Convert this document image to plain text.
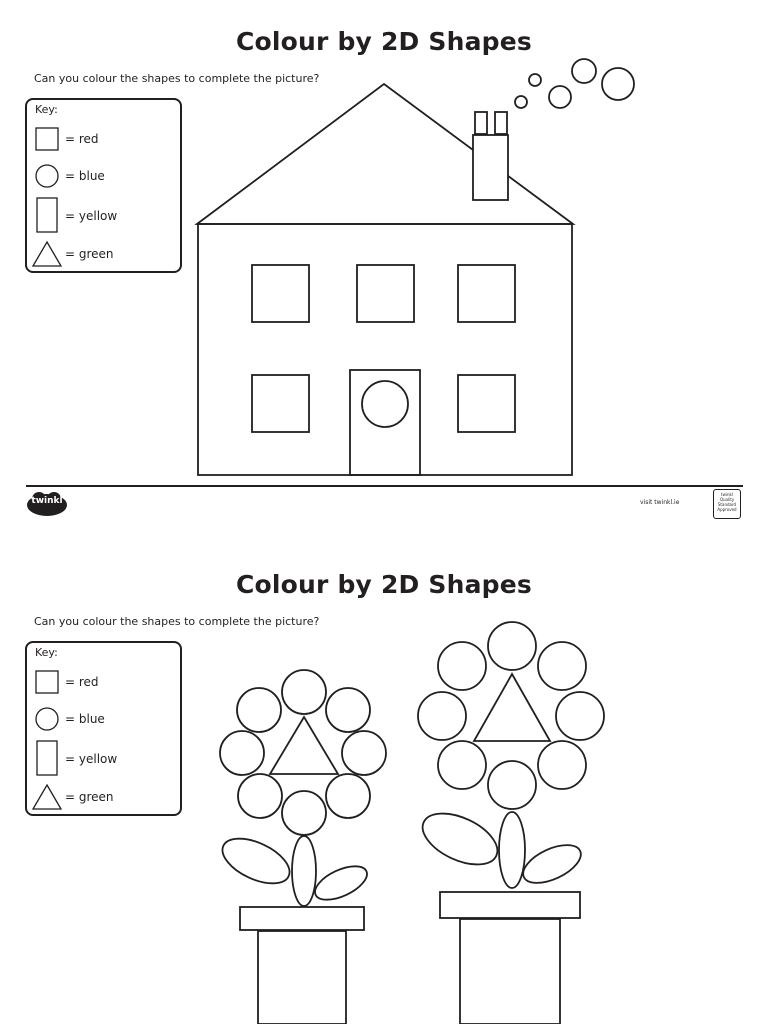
Colour by 2D Shapes
Can you colour the shapes to complete the picture?
Key:
= red
= blue
= yellow
= green
twinkl	visit twinkl.ie
twinkl Quality Standard Approved
Colour by 2D Shapes
Can you colour the shapes to complete the picture?
Key:
= red
= blue
= yellow
= green
